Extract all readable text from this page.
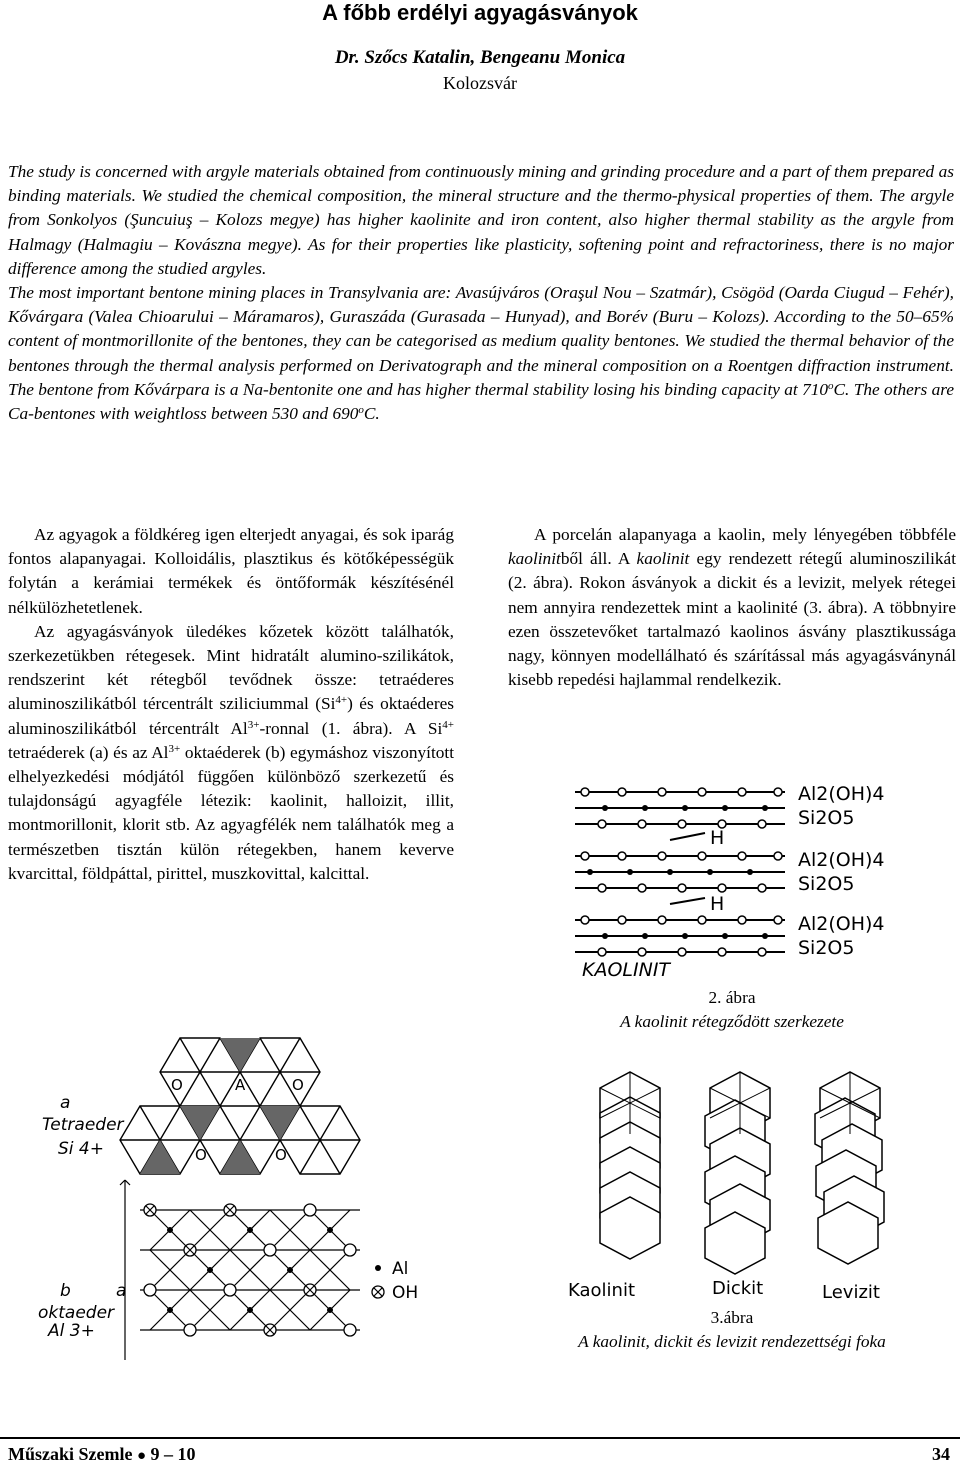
A főbb erdélyi agyagásványok
Dr. Szőcs Katalin, Bengeanu Monica
Kolozsvár

The study is concerned with argyle materials obtained from continuously mining and grinding procedure and a part of them prepared as binding materials. We studied the chemical composition, the mineral structure and the thermo-physical properties of them. The argyle from Sonkolyos (Şuncuiuş – Kolozs megye) has higher kaolinite and iron content, also higher thermal stability as the argyle from Halmagy (Halmagiu – Kovászna megye). As for their properties like plasticity, softening point and refractoriness, there is no major difference among the studied argyles.

The most important bentone mining places in Transylvania are: Avasújváros (Oraşul Nou – Szatmár), Csögöd (Oarda Ciugud – Fehér), Kővárgara (Valea Chioarului – Máramaros), Guraszáda (Gurasada – Hunyad), and Borév (Buru – Kolozs). According to the 50–65% content of montmorillonite of the bentones, they can be categorised as medium quality bentones. We studied the thermal behavior of the bentones through the thermal analysis performed on Derivatograph and the mineral composition on a Roentgen diffraction instrument. The bentone from Kővárpara is a Na-bentonite one and has higher thermal stability losing his binding capacity at 710$^o$C. The others are Ca-bentones with weightloss between 530 and 690$^o$C.

Az agyagok a földkéreg igen elterjedt anyagai, és sok iparág fontos alapanyagai. Kolloidális, plasztikus és kötőképességük folytán a kerámiai termékek és öntőformák készítésénél nélkülözhetetlenek.

Az agyagásványok üledékes kőzetek között találhatók, szerkezetükben rétegesek. Mint hidratált alumino-szilikátok, rendszerint két rétegből tevődnek össze: tetraéderes aluminoszilikátból tércentrált sziliciummal $(Si^{4+})$ és oktaéderes aluminoszilikátból tércentrált $Al^{3+}$-ronnal (1. ábra). A $Si^{4+}$ tetraéderek (a) és az $Al^{3+}$ oktaéderek (b) egymáshoz viszonyított elhelyezkedési módjától függően különböző szerkezetű és tulajdonságú agyagféle létezik: kaolinit, halloizit, illit, montmorillonit, klorit stb. Az agyagfélék nem találhatók meg a természetben tisztán külön rétegekben, hanem keverve kvarcittal, földpáttal, pirittel, muszkovittal, kalcittal.

A porcelán alapanyaga a kaolin, mely lényegében többféle kaolinitből áll. A kaolinit egy rendezett rétegű aluminoszilikát (2. ábra). Rokon ásványok a dickit és a levizit, melyek rétegei nem annyira rendezettek mint a kaolinité (3. ábra). A többnyire ezen összetevőket tartalmazó kaolinos ásvány plasztikussága nagy, könnyen modellálható és szárítással más agyagásványnál kisebb repedési hajlammal rendelkezik.

Al2(OH)4
Si2O5
H
Al2(OH)4
Si2O5
H
Al2(OH)4
Si2O5
KAOLINIT
2. ábra
A kaolinit rétegződött szerkezete
a
Tetraeder
Si 4+
b	a
oktaeder
Al 3+
O	A	O
O	O
Al
OH	Kaolinit	Dickit	Levizit
3.ábra
A kaolinit, dickit és levizit rendezettségi foka
Műszaki Szemle ● 9 – 10	34
